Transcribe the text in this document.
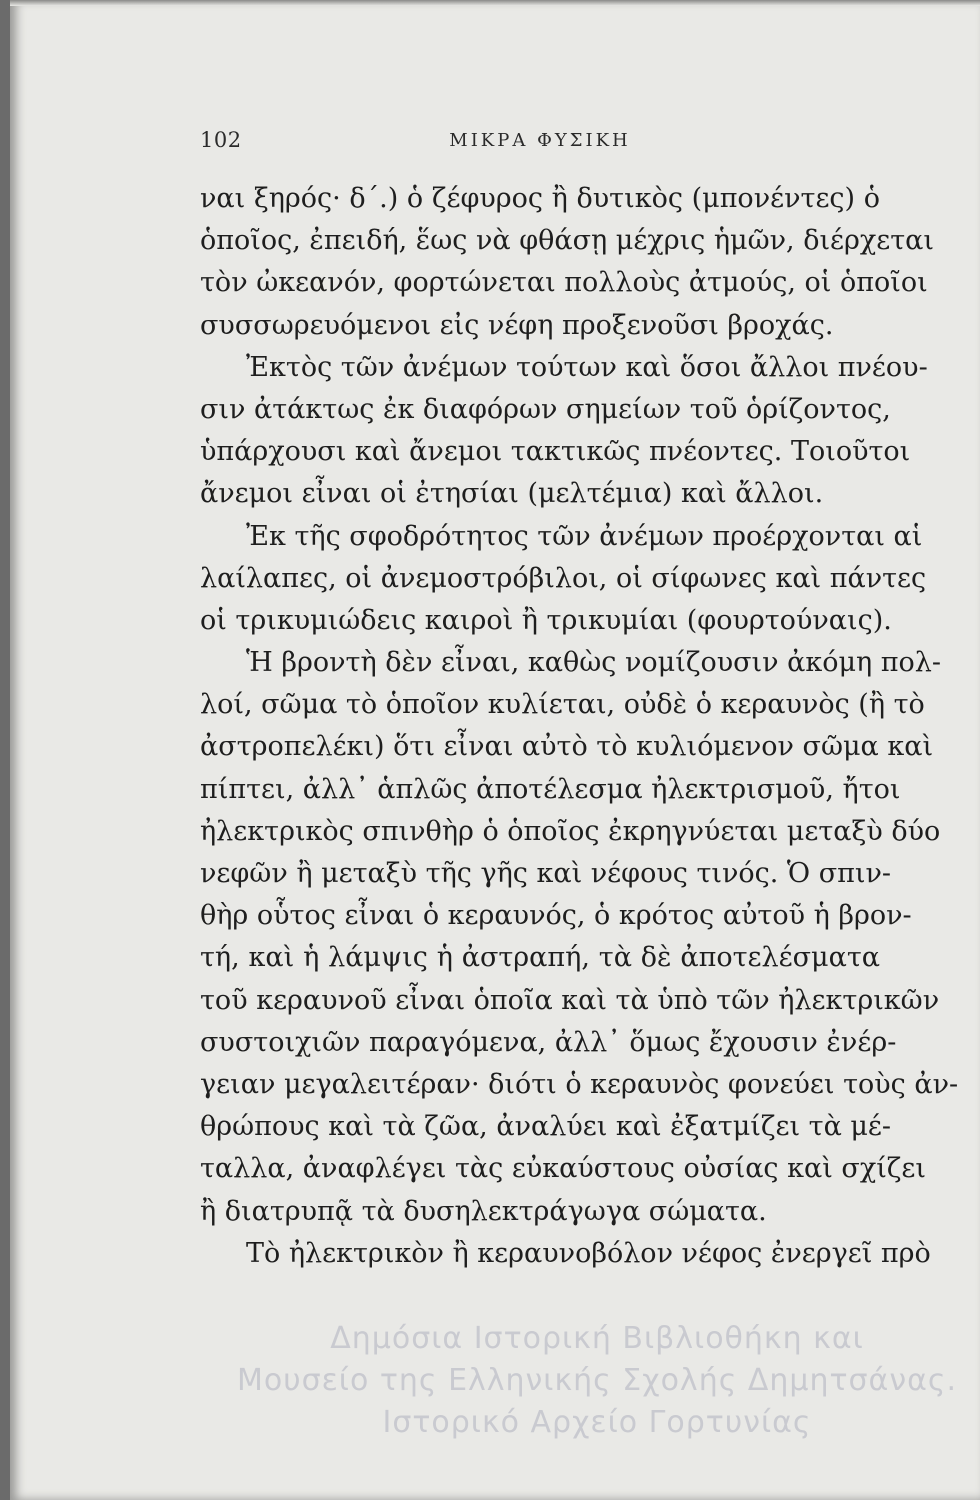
102	ΜΙΚΡΑ ΦΥΣΙΚΗ
ναι ξηρός· δ΄.) ὁ ζέφυρος ἢ δυτικὸς (μπονέντες) ὁ
ὁποῖος, ἐπειδή, ἕως νὰ φθάσῃ μέχρις ἡμῶν, διέρχεται
τὸν ὠκεανόν, φορτώνεται πολλοὺς ἀτμούς, οἱ ὁποῖοι
συσσωρευόμενοι εἰς νέφη προξενοῦσι βροχάς.
Ἐκτὸς τῶν ἀνέμων τούτων καὶ ὅσοι ἄλλοι πνέου-
σιν ἀτάκτως ἐκ διαφόρων σημείων τοῦ ὁρίζοντος,
ὑπάρχουσι καὶ ἄνεμοι τακτικῶς πνέοντες. Τοιοῦτοι
ἄνεμοι εἶναι οἱ ἐτησίαι (μελτέμια) καὶ ἄλλοι.
Ἐκ τῆς σφοδρότητος τῶν ἀνέμων προέρχονται αἱ
λαίλαπες, οἱ ἀνεμοστρόβιλοι, οἱ σίφωνες καὶ πάντες
οἱ τρικυμιώδεις καιροὶ ἢ τρικυμίαι (φουρτούναις).
Ἡ βροντὴ δὲν εἶναι, καθὼς νομίζουσιν ἀκόμη πολ-
λοί, σῶμα τὸ ὁποῖον κυλίεται, οὐδὲ ὁ κεραυνὸς (ἢ τὸ
ἀστροπελέκι) ὅτι εἶναι αὐτὸ τὸ κυλιόμενον σῶμα καὶ
πίπτει, ἀλλ᾽ ἁπλῶς ἀποτέλεσμα ἠλεκτρισμοῦ, ἤτοι
ἠλεκτρικὸς σπινθὴρ ὁ ὁποῖος ἐκρηγνύεται μεταξὺ δύο
νεφῶν ἢ μεταξὺ τῆς γῆς καὶ νέφους τινός. Ὁ σπιν-
θὴρ οὗτος εἶναι ὁ κεραυνός, ὁ κρότος αὐτοῦ ἡ βρον-
τή, καὶ ἡ λάμψις ἡ ἀστραπή, τὰ δὲ ἀποτελέσματα
τοῦ κεραυνοῦ εἶναι ὁποῖα καὶ τὰ ὑπὸ τῶν ἠλεκτρικῶν
συστοιχιῶν παραγόμενα, ἀλλ᾽ ὅμως ἔχουσιν ἐνέρ-
γειαν μεγαλειτέραν· διότι ὁ κεραυνὸς φονεύει τοὺς ἀν-
θρώπους καὶ τὰ ζῶα, ἀναλύει καὶ ἐξατμίζει τὰ μέ-
ταλλα, ἀναφλέγει τὰς εὐκαύστους οὐσίας καὶ σχίζει
ἢ διατρυπᾷ τὰ δυσηλεκτράγωγα σώματα.
Τὸ ἠλεκτρικὸν ἢ κεραυνοβόλον νέφος ἐνεργεῖ πρὸ
Δημόσια Ιστορική Βιβλιοθήκη και
Μουσείο της Ελληνικής Σχολής Δημητσάνας.
Ιστορικό Αρχείο Γορτυνίας
